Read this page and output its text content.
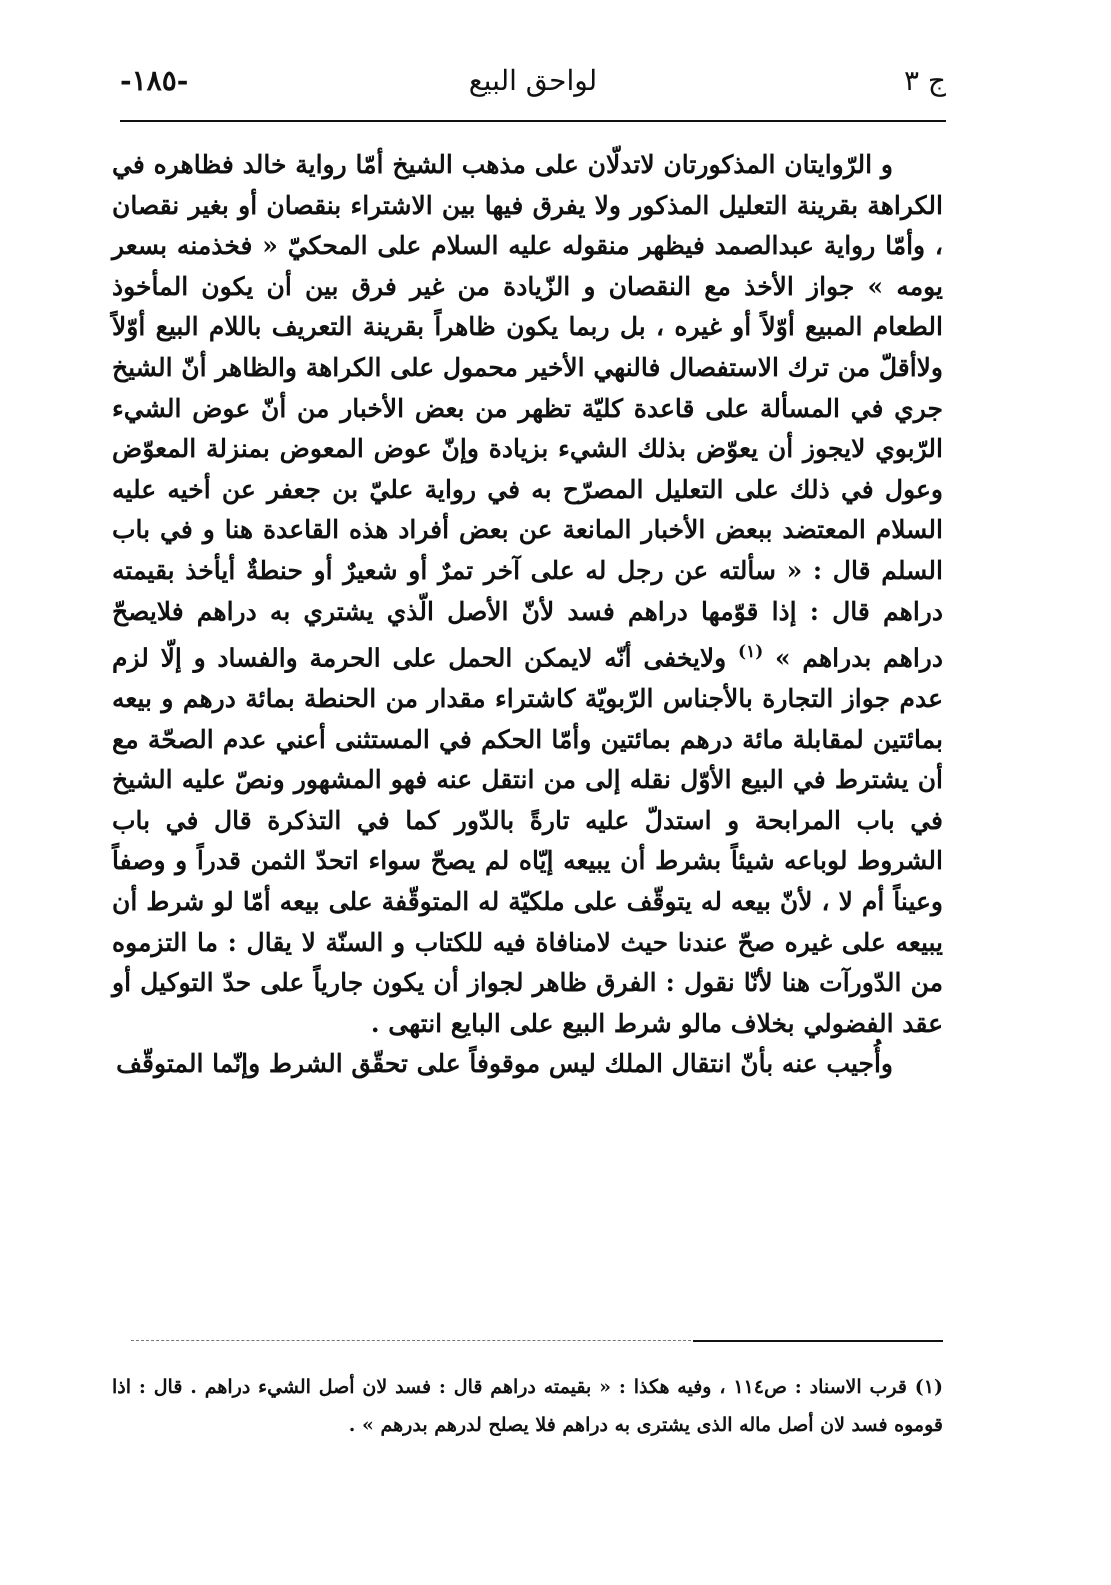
-١٨٥-	لواحق البيع	ج ٣

و الرّوايتان المذكورتان لاتدلّان على مذهب الشيخ أمّا رواية خالد فظاهره في الكراهة بقرينة التعليل المذكور ولا يفرق فيها بين الاشتراء بنقصان أو بغير نقصان ، وأمّا رواية عبدالصمد فيظهر منقوله عليه السلام على المحكيّ « فخذمنه بسعر يومه » جواز الأخذ مع النقصان و الزّيادة من غير فرق بين أن يكون المأخوذ الطعام المبيع أوّلاً أو غيره ، بل ربما يكون ظاهراً بقرينة التعريف باللام البيع أوّلاً ولاأقلّ من ترك الاستفصال فالنهي الأخير محمول على الكراهة والظاهر أنّ الشيخ جري في المسألة على قاعدة كليّة تظهر من بعض الأخبار من أنّ عوض الشيء الرّبوي لايجوز أن يعوّض بذلك الشيء بزيادة وإنّ عوض المعوض بمنزلة المعوّض وعول في ذلك على التعليل المصرّح به في رواية عليّ بن جعفر عن أخيه عليه السلام المعتضد ببعض الأخبار المانعة عن بعض أفراد هذه القاعدة هنا و في باب السلم قال : « سألته عن رجل له على آخر تمرٌ أو شعيرٌ أو حنطةٌ أيأخذ بقيمته دراهم قال : إذا قوّمها دراهم فسد لأنّ الأصل الّذي يشتري به دراهم فلايصحّ دراهم بدراهم » $^{(١)}$ ولايخفى أنّه لايمكن الحمل على الحرمة والفساد و إلّا لزم عدم جواز التجارة بالأجناس الرّبويّة كاشتراء مقدار من الحنطة بمائة درهم و بيعه بمائتين لمقابلة مائة درهم بمائتين وأمّا الحكم في المستثنى أعني عدم الصحّة مع أن يشترط في البيع الأوّل نقله إلى من انتقل عنه فهو المشهور ونصّ عليه الشيخ في باب المرابحة و استدلّ عليه تارةً بالدّور كما في التذكرة قال في باب الشروط لوباعه شيئاً بشرط أن يبيعه إيّاه لم يصحّ سواء اتحدّ الثمن قدراً و وصفاً وعيناً أم لا ، لأنّ بيعه له يتوقّف على ملكيّة له المتوقّفة على بيعه أمّا لو شرط أن يبيعه على غيره صحّ عندنا حيث لامنافاة فيه للكتاب و السنّة لا يقال : ما التزموه من الدّورآت هنا لأنّا نقول : الفرق ظاهر لجواز أن يكون جارياً على حدّ التوكيل أو عقد الفضولي بخلاف مالو شرط البيع على البايع انتهى .

وأُجيب عنه بأنّ انتقال الملك ليس موقوفاً على تحقّق الشرط وإنّما المتوقّف

(١) قرب الاسناد : ص١١٤ ، وفيه هكذا : « بقيمته دراهم قال : فسد لان أصل الشيء دراهم . قال : اذا قوموه فسد لان أصل ماله الذى يشترى به دراهم فلا يصلح لدرهم بدرهم » .
